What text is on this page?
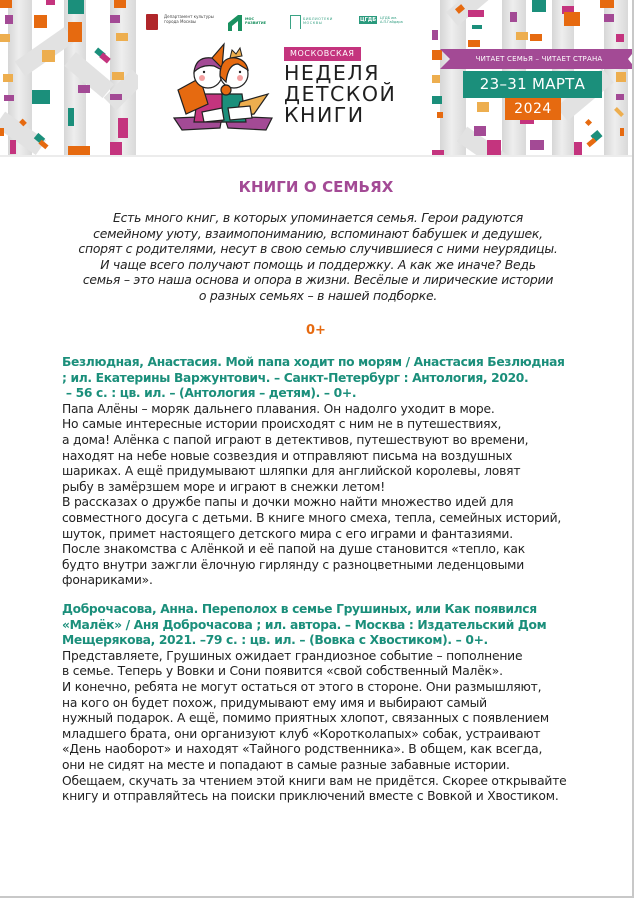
Департамент культуры города Москвы	МОС РАЗВИТИЕ
БИБЛИОТЕКИ МОСКВЫ	ЦГДБ ЦГДБ им. А.П.Гайдара
МОСКОВСКАЯ
НЕДЕЛЯ
ДЕТСКОЙ
КНИГИ
ЧИТАЕТ СЕМЬЯ – ЧИТАЕТ СТРАНА
23–31 МАРТА
2024
КНИГИ О СЕМЬЯХ
Есть много книг, в которых упоминается семья. Герои радуются
семейному уюту, взаимопониманию, вспоминают бабушек и дедушек,
спорят с родителями, несут в свою семью случившиеся с ними неурядицы.
И чаще всего получают помощь и поддержку. А как же иначе? Ведь
семья – это наша основа и опора в жизни. Весёлые и лирические истории
о разных семьях – в нашей подборке.
0+
Безлюдная, Анастасия. Мой папа ходит по морям / Анастасия Безлюдная
; ил. Екатерины Варжунтович. – Санкт-Петербург : Антология, 2020.
– 56 с. : цв. ил. – (Антология – детям). – 0+.
Папа Алёны – моряк дальнего плавания. Он надолго уходит в море.
Но самые интересные истории происходят с ним не в путешествиях,
а дома! Алёнка с папой играют в детективов, путешествуют во времени,
находят на небе новые созвездия и отправляют письма на воздушных
шариках. А ещё придумывают шляпки для английской королевы, ловят
рыбу в замёрзшем море и играют в снежки летом!
В рассказах о дружбе папы и дочки можно найти множество идей для
совместного досуга с детьми. В книге много смеха, тепла, семейных историй,
шуток, примет настоящего детского мира с его играми и фантазиями.
После знакомства с Алёнкой и её папой на душе становится «тепло, как
будто внутри зажгли ёлочную гирлянду с разноцветными леденцовыми
фонариками».
Доброчасова, Анна. Переполох в семье Грушиных, или Как появился
«Малёк» / Аня Доброчасова ; ил. автора. – Москва : Издательский Дом
Мещерякова, 2021. –79 с. : цв. ил. – (Вовка с Хвостиком). – 0+.
Представляете, Грушиных ожидает грандиозное событие – пополнение
в семье. Теперь у Вовки и Сони появится «свой собственный Малёк».
И конечно, ребята не могут остаться от этого в стороне. Они размышляют,
на кого он будет похож, придумывают ему имя и выбирают самый
нужный подарок. А ещё, помимо приятных хлопот, связанных с появлением
младшего брата, они организуют клуб «Коротколапых» собак, устраивают
«День наоборот» и находят «Тайного родственника». В общем, как всегда,
они не сидят на месте и попадают в самые разные забавные истории.
Обещаем, скучать за чтением этой книги вам не придётся. Скорее открывайте
книгу и отправляйтесь на поиски приключений вместе с Вовкой и Хвостиком.
